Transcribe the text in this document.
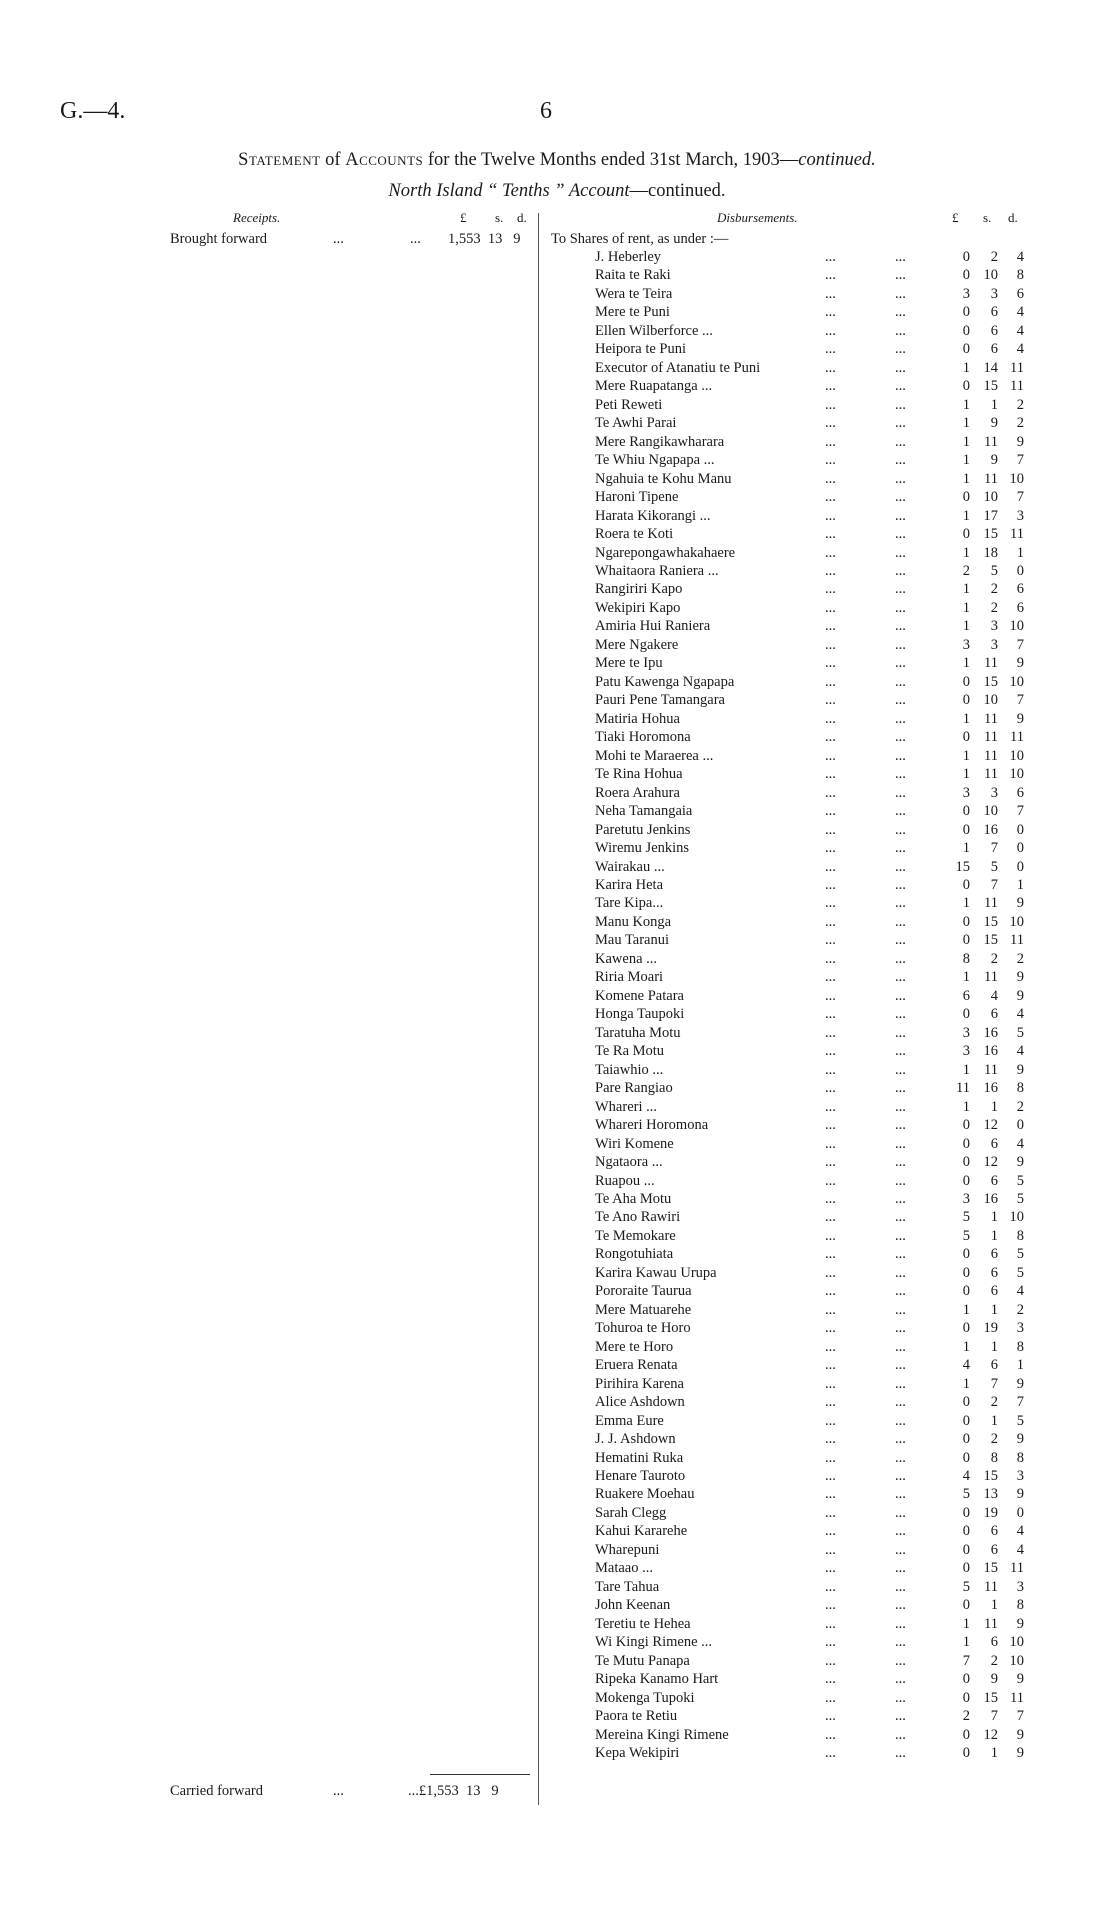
G.—4.	6
Statement of Accounts for the Twelve Months ended 31st March, 1903—continued.
North Island “ Tenths ” Account—continued.
Receipts.	£ s. d.	Disbursements.	£ s. d.
Brought forward	...	... 1,553  13   9
Carried forward	...	...£1,553  13   9
To Shares of rent, as under :—
J. Heberley	...	...	0	2	4
Raita te Raki	...	...	0 10	8
Wera te Teira	...	...	3	3	6
Mere te Puni	...	...	0	6	4
Ellen Wilberforce ...	...	...	0	6	4
Heipora te Puni	...	...	0	6	4
Executor of Atanatiu te Puni	...	...	1 14 11
Mere Ruapatanga ...	...	...	0 15 11
Peti Reweti	...	...	1	1	2
Te Awhi Parai	...	...	1	9	2
Mere Rangikawharara	...	...	1 11	9
Te Whiu Ngapapa ...	...	...	1	9	7
Ngahuia te Kohu Manu	...	...	1 11 10
Haroni Tipene	...	...	0 10	7
Harata Kikorangi ...	...	...	1 17	3
Roera te Koti	...	...	0 15 11
Ngarepongawhakahaere	...	...	1 18	1
Whaitaora Raniera ...	...	...	2	5	0
Rangiriri Kapo	...	...	1	2	6
Wekipiri Kapo	...	...	1	2	6
Amiria Hui Raniera	...	...	1	3 10
Mere Ngakere	...	...	3	3	7
Mere te Ipu	...	...	1 11	9
Patu Kawenga Ngapapa	...	...	0 15 10
Pauri Pene Tamangara	...	...	0 10	7
Matiria Hohua	...	...	1 11	9
Tiaki Horomona	...	...	0 11 11
Mohi te Maraerea ...	...	...	1 11 10
Te Rina Hohua	...	...	1 11 10
Roera Arahura	...	...	3	3	6
Neha Tamangaia	...	...	0 10	7
Paretutu Jenkins	...	...	0 16	0
Wiremu Jenkins	...	...	1	7	0
Wairakau ...	...	...	15	5	0
Karira Heta	...	...	0	7	1
Tare Kipa...	...	...	1 11	9
Manu Konga	...	...	0 15 10
Mau Taranui	...	...	0 15 11
Kawena ...	...	...	8	2	2
Riria Moari	...	...	1 11	9
Komene Patara	...	...	6	4	9
Honga Taupoki	...	...	0	6	4
Taratuha Motu	...	...	3 16	5
Te Ra Motu	...	...	3 16	4
Taiawhio ...	...	...	1 11	9
Pare Rangiao	...	...	11 16	8
Whareri ...	...	...	1	1	2
Whareri Horomona	...	...	0 12	0
Wiri Komene	...	...	0	6	4
Ngataora ...	...	...	0 12	9
Ruapou ...	...	...	0	6	5
Te Aha Motu	...	...	3 16	5
Te Ano Rawiri	...	...	5	1 10
Te Memokare	...	...	5	1	8
Rongotuhiata	...	...	0	6	5
Karira Kawau Urupa	...	...	0	6	5
Pororaite Taurua	...	...	0	6	4
Mere Matuarehe	...	...	1	1	2
Tohuroa te Horo	...	...	0 19	3
Mere te Horo	...	...	1	1	8
Eruera Renata	...	...	4	6	1
Pirihira Karena	...	...	1	7	9
Alice Ashdown	...	...	0	2	7
Emma Eure	...	...	0	1	5
J. J. Ashdown	...	...	0	2	9
Hematini Ruka	...	...	0	8	8
Henare Tauroto	...	...	4 15	3
Ruakere Moehau	...	...	5 13	9
Sarah Clegg	...	...	0 19	0
Kahui Kararehe	...	...	0	6	4
Wharepuni	...	...	0	6	4
Mataao ...	...	...	0 15 11
Tare Tahua	...	...	5 11	3
John Keenan	...	...	0	1	8
Teretiu te Hehea	...	...	1 11	9
Wi Kingi Rimene ...	...	...	1	6 10
Te Mutu Panapa	...	...	7	2 10
Ripeka Kanamo Hart	...	...	0	9	9
Mokenga Tupoki	...	...	0 15 11
Paora te Retiu	...	...	2	7	7
Mereina Kingi Rimene	...	...	0 12	9
Kepa Wekipiri	...	...	0	1	9
